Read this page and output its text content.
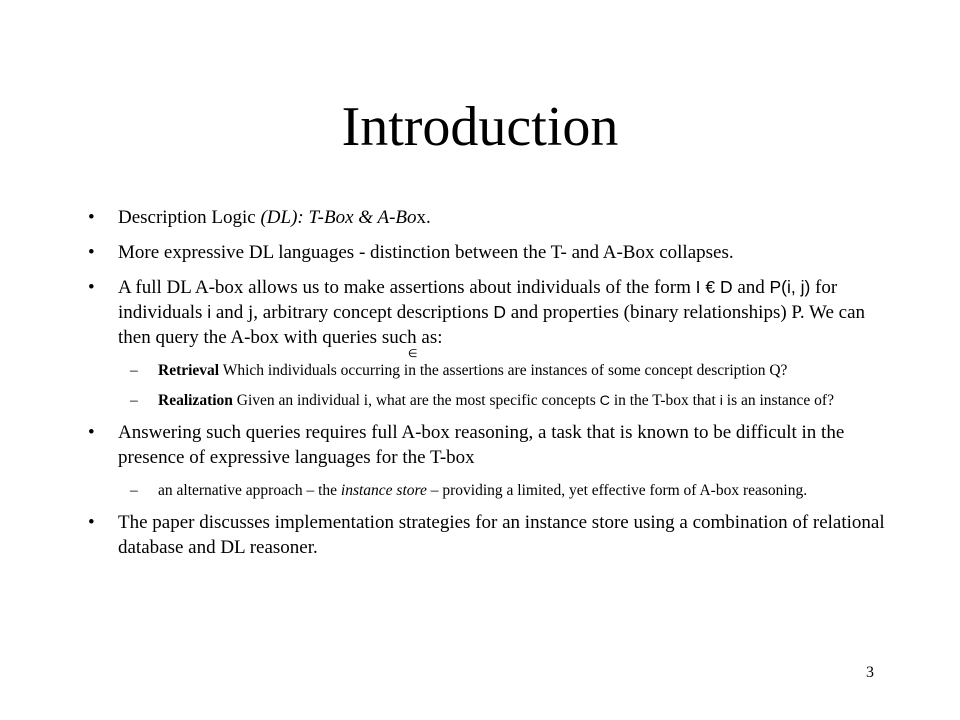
Introduction
• Description Logic (DL): T-Box & A-Box.
• More expressive DL languages - distinction between the T- and A-Box collapses.
• A full DL A-box allows us to make assertions about individuals of the form I € D and P(i, j) for individuals i and j, arbitrary concept descriptions D and properties (binary relationships) P. We can then query the A-box with queries such as:
– Retrieval Which individuals occurring in
∈
the assertions are instances of some concept description Q?
– Realization Given an individual i, what are the most specific concepts C in the T-box that i is an instance of?
• Answering such queries requires full A-box reasoning, a task that is known to be difficult in the presence of expressive languages for the T-box
– an alternative approach – the instance store – providing a limited, yet effective form of A-box reasoning.
• The paper discusses implementation strategies for an instance store using a combination of relational database and DL reasoner.
3
